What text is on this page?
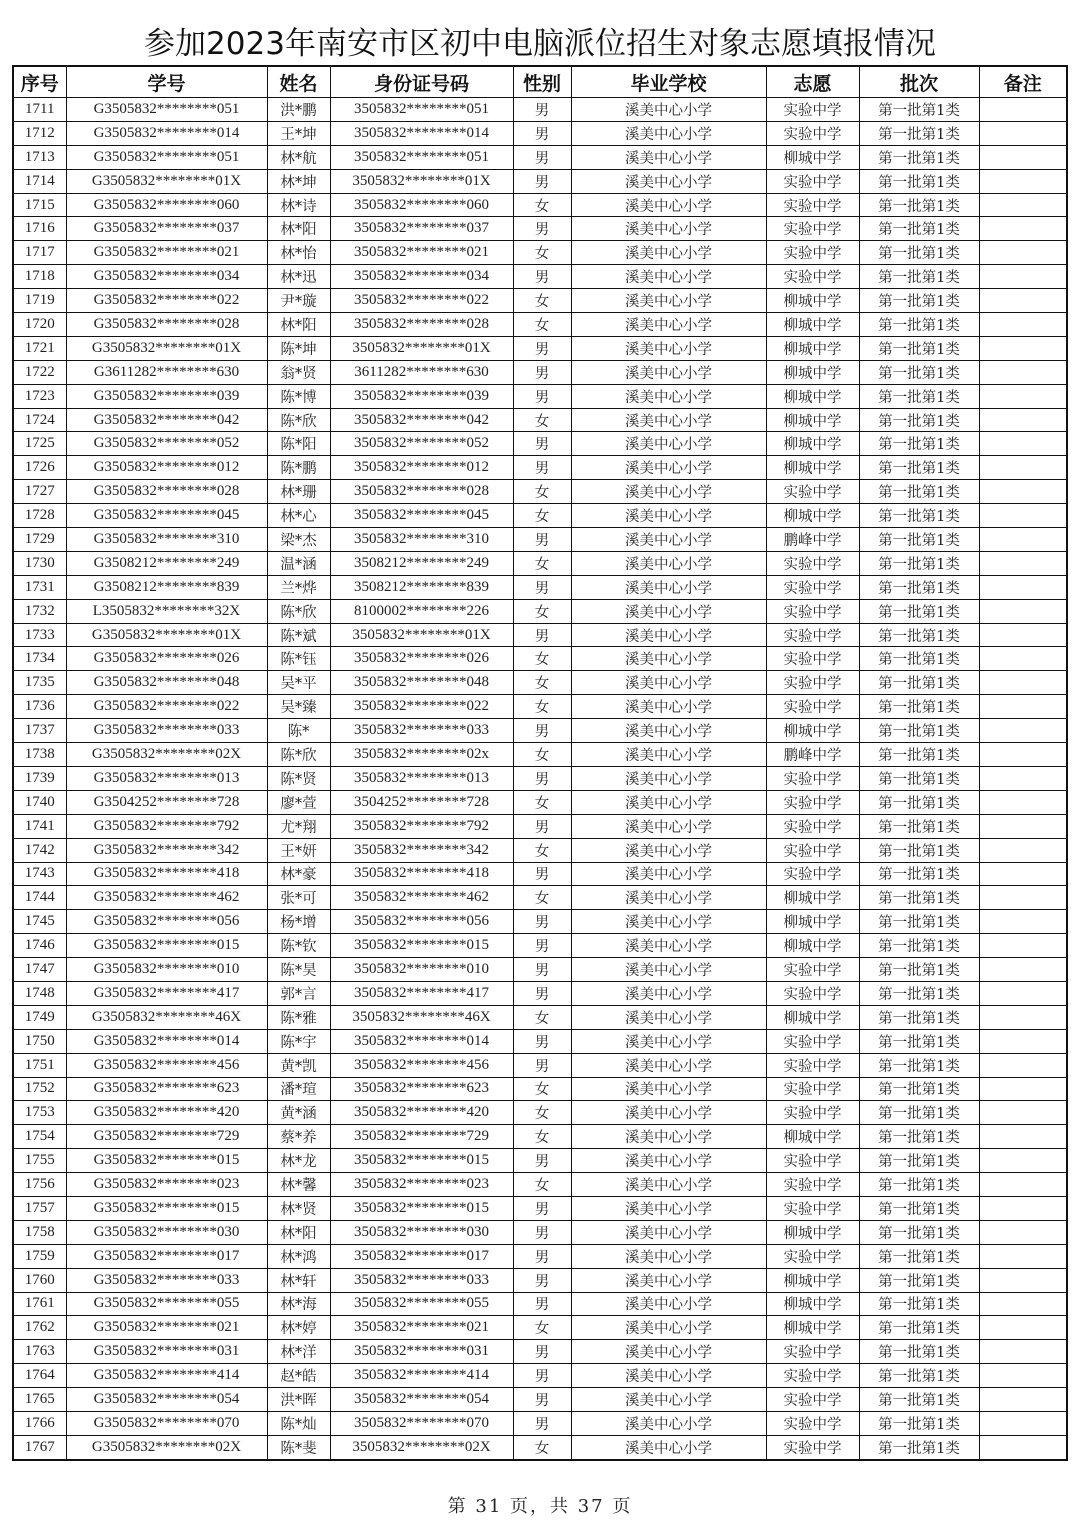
参加2023年南安市区初中电脑派位招生对象志愿填报情况
序号	学号	姓名	身份证号码	性别	毕业学校	志愿	批次	备注
1711	G3505832********051	洪*鹏	3505832********051	男	溪美中心小学	实验中学	第一批第1类	
1712	G3505832********014	王*坤	3505832********014	男	溪美中心小学	实验中学	第一批第1类	
1713	G3505832********051	林*航	3505832********051	男	溪美中心小学	柳城中学	第一批第1类	
1714	G3505832********01X	林*坤	3505832********01X	男	溪美中心小学	实验中学	第一批第1类	
1715	G3505832********060	林*诗	3505832********060	女	溪美中心小学	实验中学	第一批第1类	
1716	G3505832********037	林*阳	3505832********037	男	溪美中心小学	实验中学	第一批第1类	
1717	G3505832********021	林*怡	3505832********021	女	溪美中心小学	实验中学	第一批第1类	
1718	G3505832********034	林*迅	3505832********034	男	溪美中心小学	实验中学	第一批第1类	
1719	G3505832********022	尹*璇	3505832********022	女	溪美中心小学	柳城中学	第一批第1类	
1720	G3505832********028	林*阳	3505832********028	女	溪美中心小学	柳城中学	第一批第1类	
1721	G3505832********01X	陈*坤	3505832********01X	男	溪美中心小学	柳城中学	第一批第1类	
1722	G3611282********630	翁*贤	3611282********630	男	溪美中心小学	柳城中学	第一批第1类	
1723	G3505832********039	陈*博	3505832********039	男	溪美中心小学	柳城中学	第一批第1类	
1724	G3505832********042	陈*欣	3505832********042	女	溪美中心小学	柳城中学	第一批第1类	
1725	G3505832********052	陈*阳	3505832********052	男	溪美中心小学	柳城中学	第一批第1类	
1726	G3505832********012	陈*鹏	3505832********012	男	溪美中心小学	柳城中学	第一批第1类	
1727	G3505832********028	林*珊	3505832********028	女	溪美中心小学	实验中学	第一批第1类	
1728	G3505832********045	林*心	3505832********045	女	溪美中心小学	柳城中学	第一批第1类	
1729	G3505832********310	梁*杰	3505832********310	男	溪美中心小学	鹏峰中学	第一批第1类	
1730	G3508212********249	温*涵	3508212********249	女	溪美中心小学	实验中学	第一批第1类	
1731	G3508212********839	兰*烨	3508212********839	男	溪美中心小学	实验中学	第一批第1类	
1732	L3505832********32X	陈*欣	8100002********226	女	溪美中心小学	实验中学	第一批第1类	
1733	G3505832********01X	陈*斌	3505832********01X	男	溪美中心小学	实验中学	第一批第1类	
1734	G3505832********026	陈*钰	3505832********026	女	溪美中心小学	实验中学	第一批第1类	
1735	G3505832********048	吴*平	3505832********048	女	溪美中心小学	实验中学	第一批第1类	
1736	G3505832********022	吴*臻	3505832********022	女	溪美中心小学	实验中学	第一批第1类	
1737	G3505832********033	陈*	3505832********033	男	溪美中心小学	柳城中学	第一批第1类	
1738	G3505832********02X	陈*欣	3505832********02x	女	溪美中心小学	鹏峰中学	第一批第1类	
1739	G3505832********013	陈*贤	3505832********013	男	溪美中心小学	实验中学	第一批第1类	
1740	G3504252********728	廖*萱	3504252********728	女	溪美中心小学	实验中学	第一批第1类	
1741	G3505832********792	尤*翔	3505832********792	男	溪美中心小学	实验中学	第一批第1类	
1742	G3505832********342	王*妍	3505832********342	女	溪美中心小学	实验中学	第一批第1类	
1743	G3505832********418	林*豪	3505832********418	男	溪美中心小学	实验中学	第一批第1类	
1744	G3505832********462	张*可	3505832********462	女	溪美中心小学	柳城中学	第一批第1类	
1745	G3505832********056	杨*增	3505832********056	男	溪美中心小学	柳城中学	第一批第1类	
1746	G3505832********015	陈*钦	3505832********015	男	溪美中心小学	柳城中学	第一批第1类	
1747	G3505832********010	陈*昊	3505832********010	男	溪美中心小学	实验中学	第一批第1类	
1748	G3505832********417	郭*言	3505832********417	男	溪美中心小学	实验中学	第一批第1类	
1749	G3505832********46X	陈*雅	3505832********46X	女	溪美中心小学	柳城中学	第一批第1类	
1750	G3505832********014	陈*宇	3505832********014	男	溪美中心小学	实验中学	第一批第1类	
1751	G3505832********456	黄*凯	3505832********456	男	溪美中心小学	实验中学	第一批第1类	
1752	G3505832********623	潘*瑄	3505832********623	女	溪美中心小学	实验中学	第一批第1类	
1753	G3505832********420	黄*涵	3505832********420	女	溪美中心小学	实验中学	第一批第1类	
1754	G3505832********729	蔡*养	3505832********729	女	溪美中心小学	柳城中学	第一批第1类	
1755	G3505832********015	林*龙	3505832********015	男	溪美中心小学	实验中学	第一批第1类	
1756	G3505832********023	林*馨	3505832********023	女	溪美中心小学	实验中学	第一批第1类	
1757	G3505832********015	林*贤	3505832********015	男	溪美中心小学	实验中学	第一批第1类	
1758	G3505832********030	林*阳	3505832********030	男	溪美中心小学	柳城中学	第一批第1类	
1759	G3505832********017	林*鸿	3505832********017	男	溪美中心小学	实验中学	第一批第1类	
1760	G3505832********033	林*轩	3505832********033	男	溪美中心小学	柳城中学	第一批第1类	
1761	G3505832********055	林*海	3505832********055	男	溪美中心小学	柳城中学	第一批第1类	
1762	G3505832********021	林*婷	3505832********021	女	溪美中心小学	柳城中学	第一批第1类	
1763	G3505832********031	林*洋	3505832********031	男	溪美中心小学	实验中学	第一批第1类	
1764	G3505832********414	赵*皓	3505832********414	男	溪美中心小学	实验中学	第一批第1类	
1765	G3505832********054	洪*晖	3505832********054	男	溪美中心小学	实验中学	第一批第1类	
1766	G3505832********070	陈*灿	3505832********070	男	溪美中心小学	实验中学	第一批第1类	
1767	G3505832********02X	陈*斐	3505832********02X	女	溪美中心小学	实验中学	第一批第1类	
第 31 页，共 37 页
